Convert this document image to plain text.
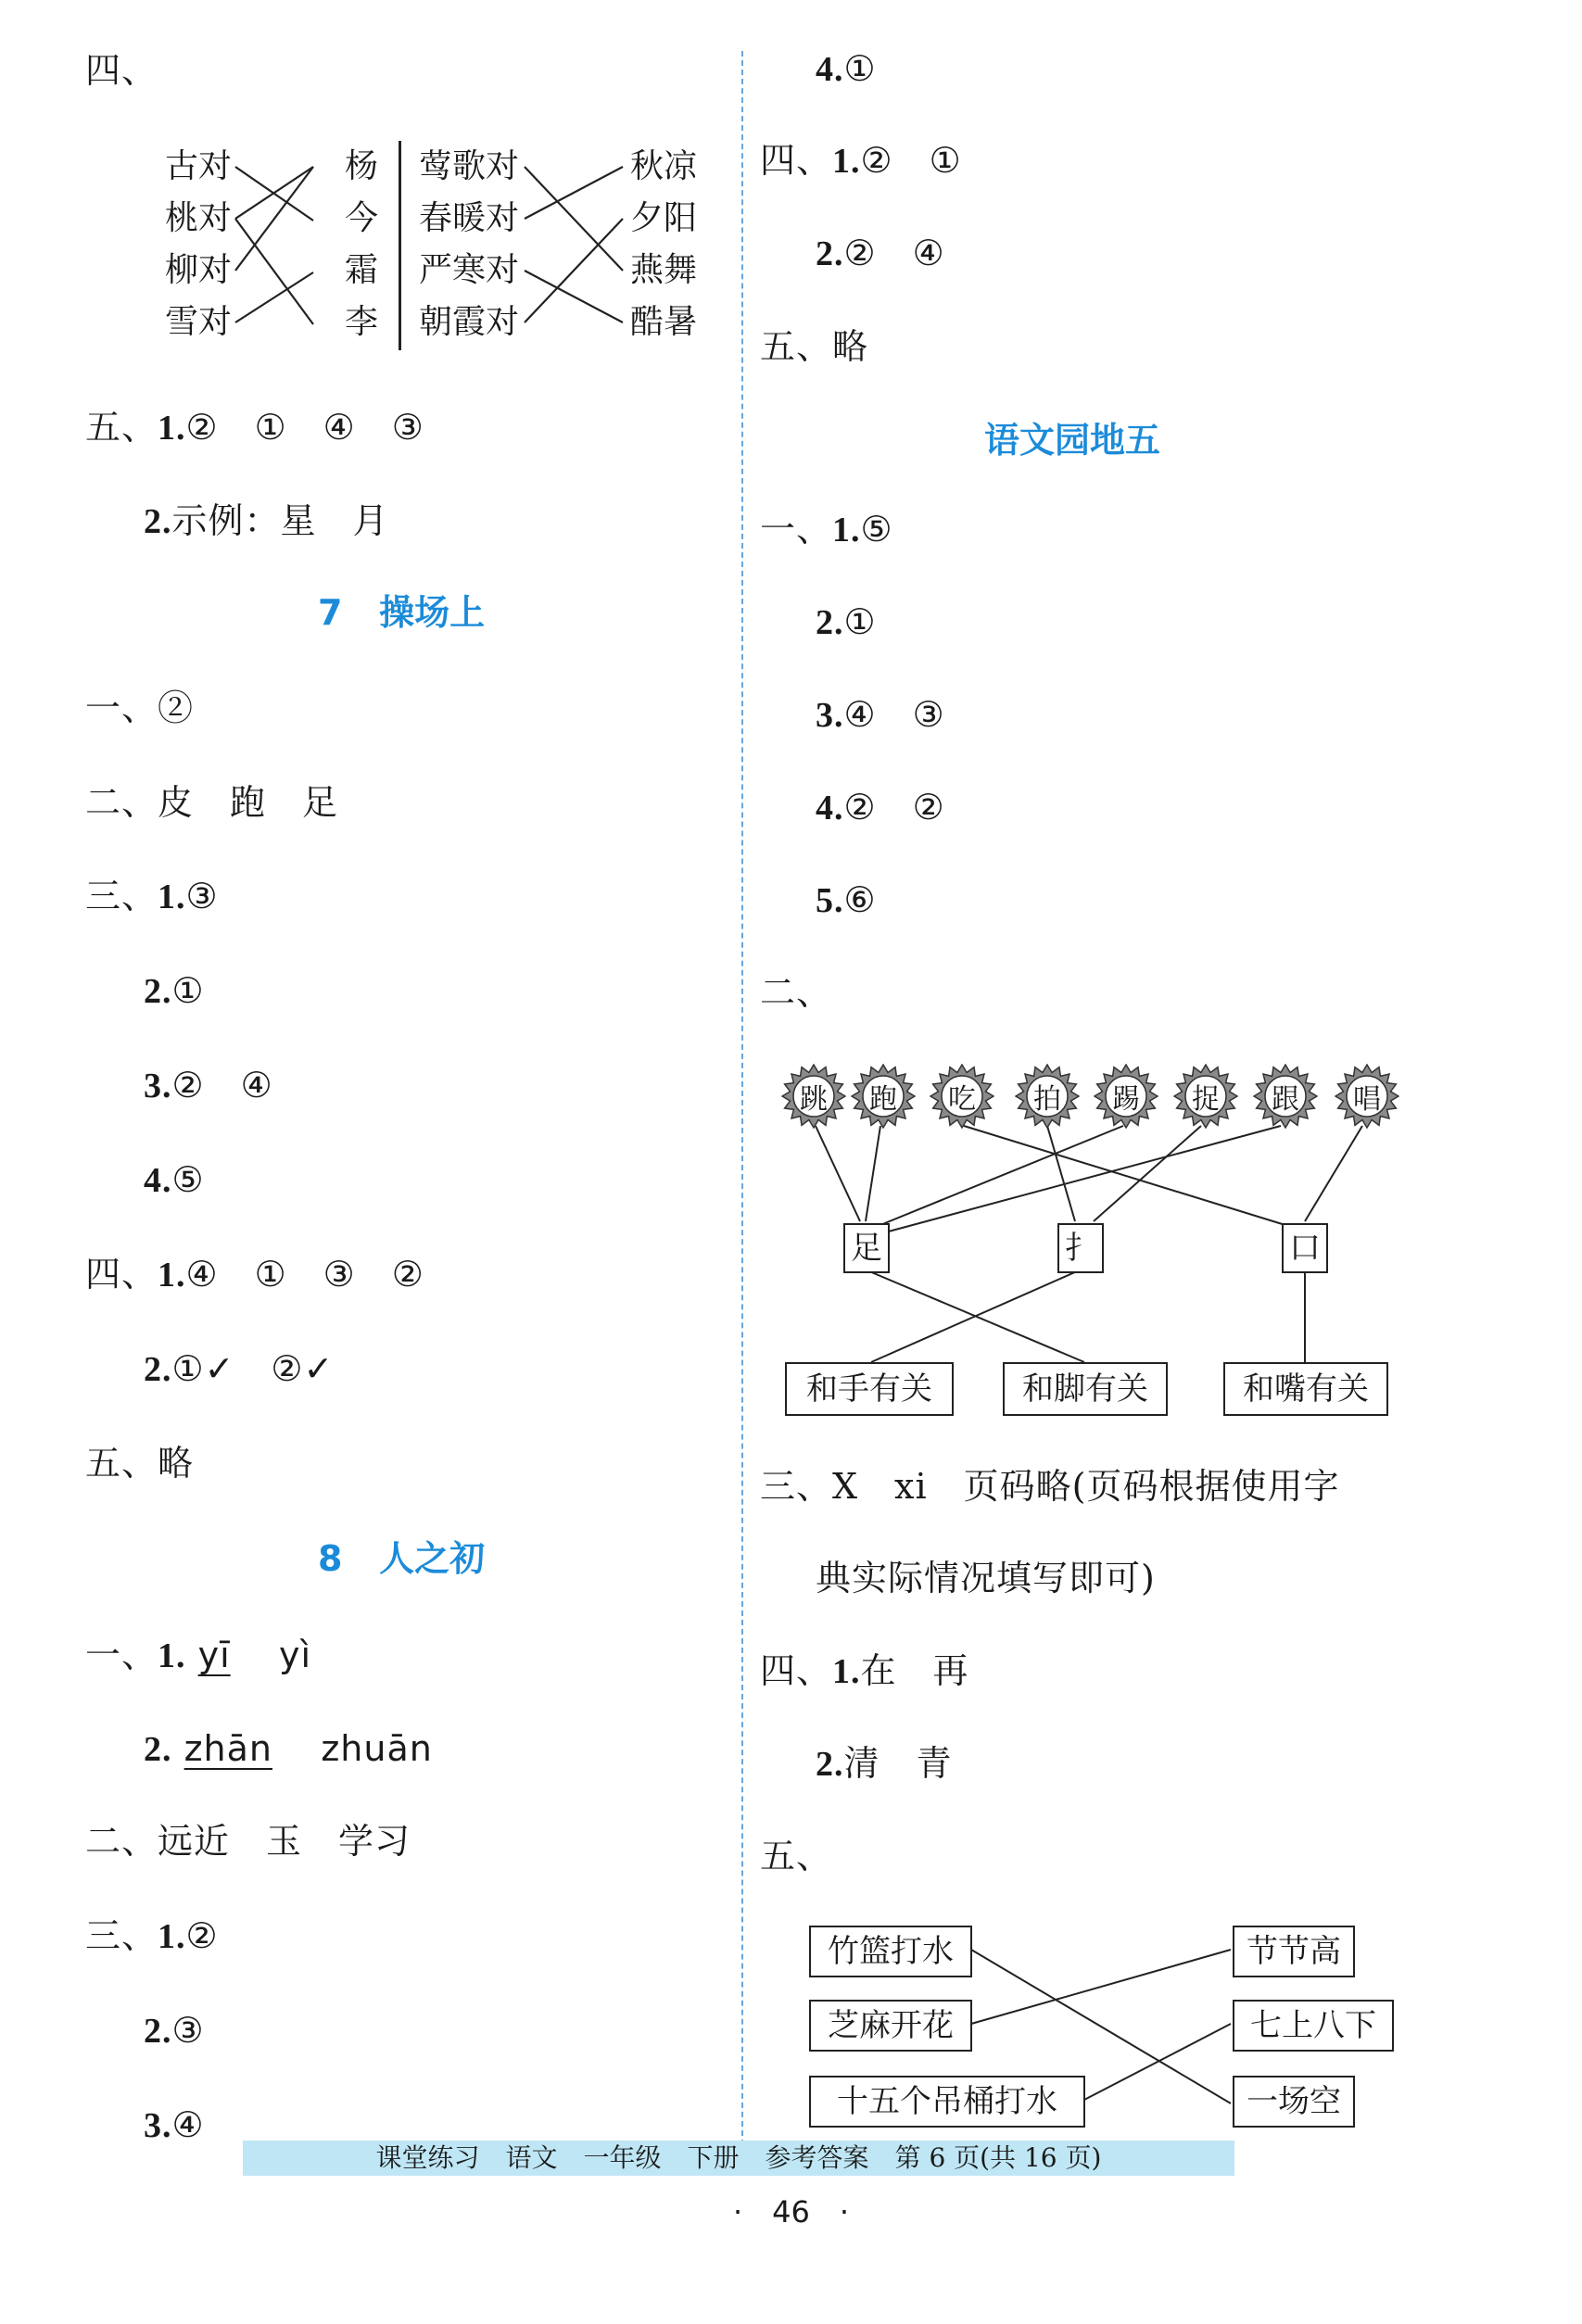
四、
古对
桃对
柳对
雪对
杨
今
霜
李
莺歌对
春暖对
严寒对
朝霞对
秋凉
夕阳
燕舞
酷暑
五、1.②　①　④　③
2.示例：星　月
7 操场上
一、②
二、皮　跑　足
三、1.③
2.①
3.②　④
4.⑤
四、1.④　①　③　②
2.①✓　②✓
五、略
8 人之初
一、1. yī yì
2. zhān zhuān
二、远近　玉　学习
三、1.②
2.③
3.④
4.①
四、1.②　①
2.②　④
五、略
语文园地五
一、1.⑤
2.①
3.④　③
4.②　②
5.⑥
二、
跳	跑	吃	拍	踢	捉	跟	唱
足	扌	口
和手有关	和脚有关	和嘴有关
三、X　xi　页码略(页码根据使用字
典实际情况填写即可)
四、1.在　再
2.清　青
五、
竹篮打水
芝麻开花
十五个吊桶打水
节节高
七上八下
一场空
课堂练习　语文　一年级　下册　参考答案　第 6 页(共 16 页)
·　46　·
